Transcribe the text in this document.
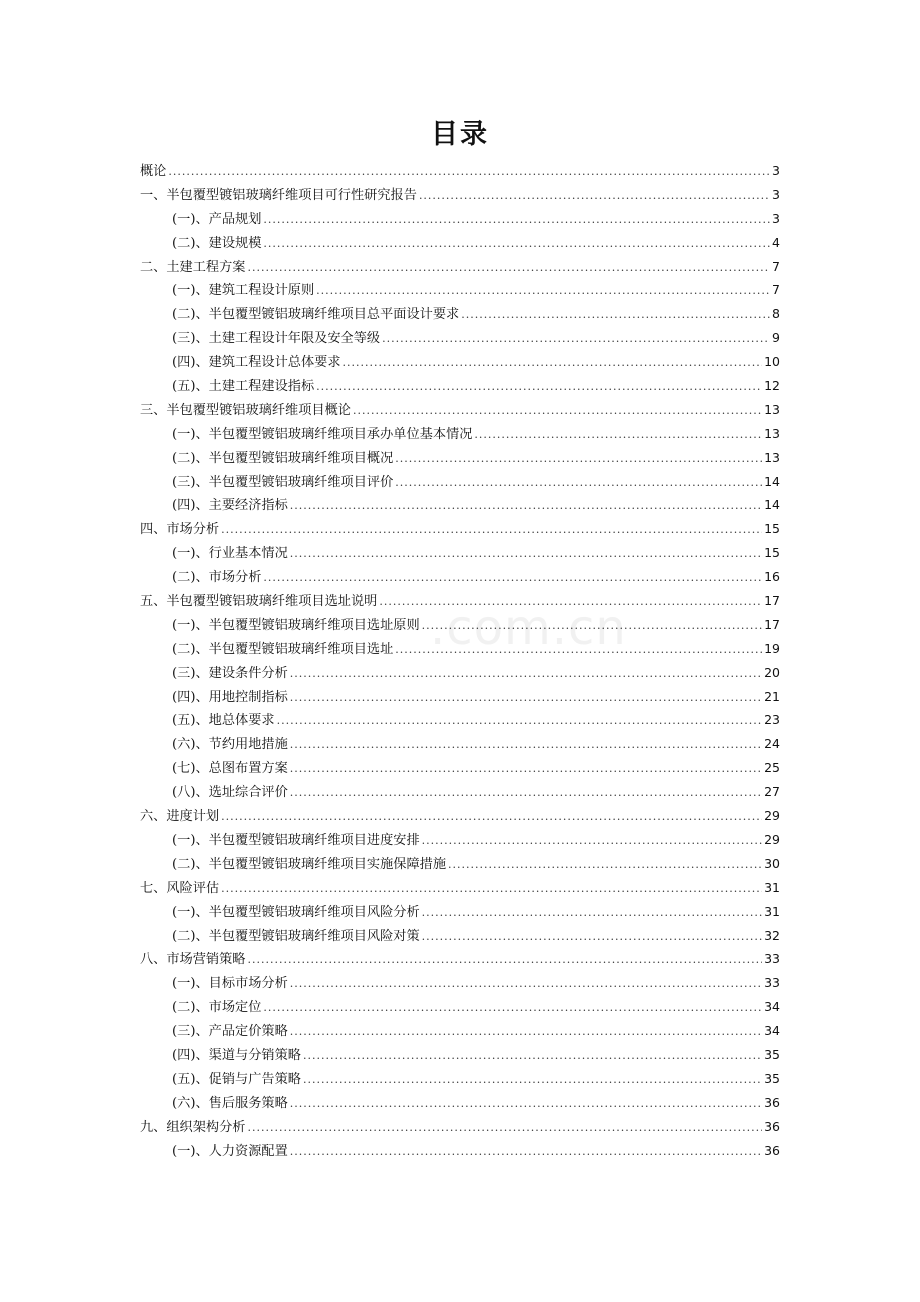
目录
.com.cn
概论 .....	3
一、半包覆型镀铝玻璃纤维项目可行性研究报告 .....	3
(一)、产品规划 .....	3
(二)、建设规模 .....	4
二、土建工程方案 .....	7
(一)、建筑工程设计原则 .....	7
(二)、半包覆型镀铝玻璃纤维项目总平面设计要求 .....	8
(三)、土建工程设计年限及安全等级 .....	9
(四)、建筑工程设计总体要求 .....	10
(五)、土建工程建设指标 .....	12
三、半包覆型镀铝玻璃纤维项目概论 .....	13
(一)、半包覆型镀铝玻璃纤维项目承办单位基本情况 .....	13
(二)、半包覆型镀铝玻璃纤维项目概况 .....	13
(三)、半包覆型镀铝玻璃纤维项目评价 .....	14
(四)、主要经济指标 .....	14
四、市场分析 .....	15
(一)、行业基本情况 .....	15
(二)、市场分析 .....	16
五、半包覆型镀铝玻璃纤维项目选址说明 .....	17
(一)、半包覆型镀铝玻璃纤维项目选址原则 .....	17
(二)、半包覆型镀铝玻璃纤维项目选址 .....	19
(三)、建设条件分析 .....	20
(四)、用地控制指标 .....	21
(五)、地总体要求 .....	23
(六)、节约用地措施 .....	24
(七)、总图布置方案 .....	25
(八)、选址综合评价 .....	27
六、进度计划 .....	29
(一)、半包覆型镀铝玻璃纤维项目进度安排 .....	29
(二)、半包覆型镀铝玻璃纤维项目实施保障措施 .....	30
七、风险评估 .....	31
(一)、半包覆型镀铝玻璃纤维项目风险分析 .....	31
(二)、半包覆型镀铝玻璃纤维项目风险对策 .....	32
八、市场营销策略 .....	33
(一)、目标市场分析 .....	33
(二)、市场定位 .....	34
(三)、产品定价策略 .....	34
(四)、渠道与分销策略 .....	35
(五)、促销与广告策略 .....	35
(六)、售后服务策略 .....	36
九、组织架构分析 .....	36
(一)、人力资源配置 .....	36
